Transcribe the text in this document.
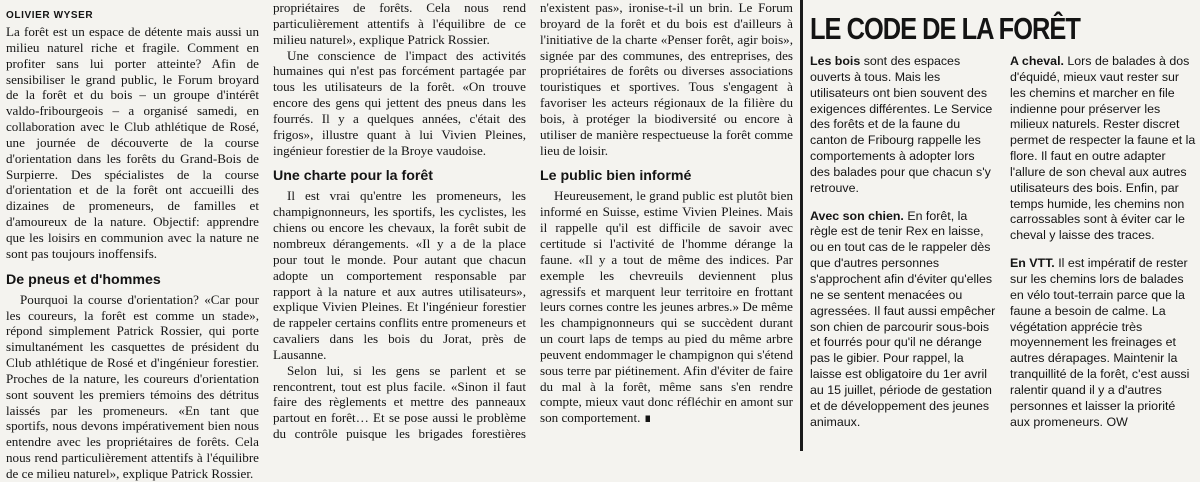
OLIVIER WYSER

La forêt est un espace de détente mais aussi un milieu naturel riche et fragile. Comment en profiter sans lui porter atteinte? Afin de sensibiliser le grand public, le Forum broyard de la forêt et du bois – un groupe d'intérêt valdo-fribourgeois – a organisé samedi, en collaboration avec le Club athlétique de Rosé, une journée de découverte de la course d'orientation dans les forêts du Grand-Bois de Surpierre. Des spécialistes de la course d'orientation et de la forêt ont accueilli des dizaines de promeneurs, de familles et d'amoureux de la nature. Objectif: apprendre que les loisirs en communion avec la nature ne sont pas toujours inoffensifs.

De pneus et d'hommes

Pourquoi la course d'orientation? «Car pour les coureurs, la forêt est comme un stade», répond simplement Patrick Rossier, qui porte simultanément les casquettes de président du Club athlétique de Rosé et d'ingénieur forestier. Proches de la nature, les coureurs d'orientation sont souvent les premiers témoins des détritus laissés par les promeneurs. «En tant que sportifs, nous devons impérativement bien nous entendre avec les propriétaires de forêts. Cela nous rend particulièrement attentifs à l'équilibre de ce milieu naturel», explique Patrick Rossier.

propriétaires de forêts. Cela nous rend particulièrement attentifs à l'équilibre de ce milieu naturel», explique Patrick Rossier.

Une conscience de l'impact des activités humaines qui n'est pas forcément partagée par tous les utilisateurs de la forêt. «On trouve encore des gens qui jettent des pneus dans les fourrés. Il y a quelques années, c'était des frigos», illustre quant à lui Vivien Pleines, ingénieur forestier de la Broye vaudoise.

Une charte pour la forêt

Il est vrai qu'entre les promeneurs, les champignonneurs, les sportifs, les cyclistes, les chiens ou encore les chevaux, la forêt subit de nombreux dérangements. «Il y a de la place pour tout le monde. Pour autant que chacun adopte un comportement responsable par rapport à la nature et aux autres utilisateurs», explique Vivien Pleines. Et l'ingénieur forestier de rappeler certains conflits entre promeneurs et cavaliers dans les bois du Jorat, près de Lausanne.

Selon lui, si les gens se parlent et se rencontrent, tout est plus facile. «Sinon il faut faire des règlements et mettre des panneaux partout en forêt… Et se pose aussi le problème du contrôle puisque les brigades forestières n'existent pas», ironise-t-il un brin. Le Forum broyard de la forêt et du bois est d'ailleurs à l'initiative de la charte «Penser forêt, agir bois», signée par des communes, des entreprises, des propriétaires de forêts ou diverses associations touristiques et sportives. Tous s'engagent à favoriser les acteurs régionaux de la filière du bois, à protéger la biodiversité ou encore à utiliser de manière respectueuse la forêt comme lieu de loisir.

Le public bien informé

Heureusement, le grand public est plutôt bien informé en Suisse, estime Vivien Pleines. Mais il rappelle qu'il est difficile de savoir avec certitude si l'activité de l'homme dérange la faune. «Il y a tout de même des indices. Par exemple les chevreuils deviennent plus agressifs et marquent leur territoire en frottant leurs cornes contre les jeunes arbres.» De même les champignonneurs qui se succèdent durant un court laps de temps au pied du même arbre peuvent endommager le champignon qui s'étend sous terre par piétinement. Afin d'éviter de faire du mal à la forêt, même sans s'en rendre compte, mieux vaut donc réfléchir en amont sur son comportement. ∎

LE CODE DE LA FORÊT

Les bois sont des espaces ouverts à tous. Mais les utilisateurs ont bien souvent des exigences différentes. Le Service des forêts et de la faune du canton de Fribourg rappelle les comportements à adopter lors des balades pour que chacun s'y retrouve.

Avec son chien. En forêt, la règle est de tenir Rex en laisse, ou en tout cas de le rappeler dès que d'autres personnes s'approchent afin d'éviter qu'elles ne se sentent menacées ou agressées. Il faut aussi empêcher son chien de parcourir sous-bois et fourrés pour qu'il ne dérange pas le gibier. Pour rappel, la laisse est obligatoire du 1er avril au 15 juillet, période de gestation et de développement des jeunes animaux.

A cheval. Lors de balades à dos d'équidé, mieux vaut rester sur les chemins et marcher en file indienne pour préserver les milieux naturels. Rester discret permet de respecter la faune et la flore. Il faut en outre adapter l'allure de son cheval aux autres utilisateurs des bois. Enfin, par temps humide, les chemins non carrossables sont à éviter car le cheval y laisse des traces.

En VTT. Il est impératif de rester sur les chemins lors de balades en vélo tout-terrain parce que la faune a besoin de calme. La végétation apprécie très moyennement les freinages et autres dérapages. Maintenir la tranquillité de la forêt, c'est aussi ralentir quand il y a d'autres personnes et laisser la priorité aux promeneurs. OW
